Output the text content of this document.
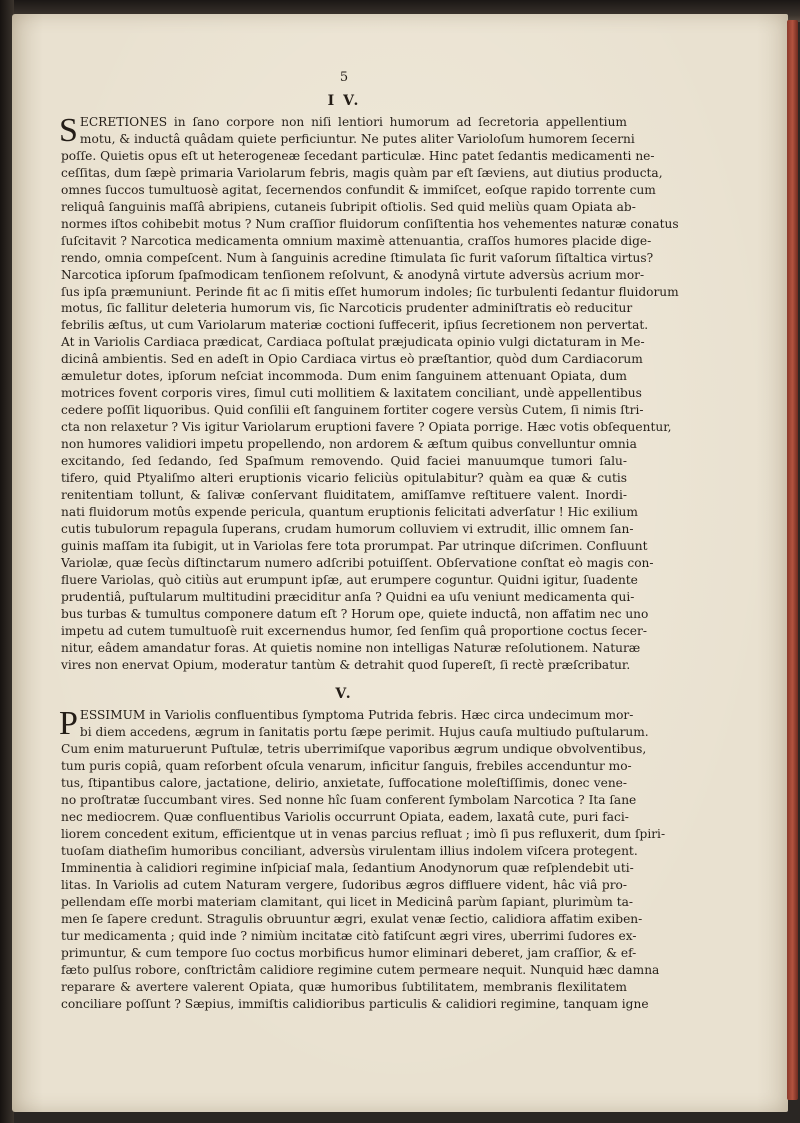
5
I V.
S ECRETIONES in ſano corpore non niſi lentiori humorum ad ſecretoria appellentium
motu, & inductâ quâdam quiete perficiuntur. Ne putes aliter Varioloſum humorem ſecerni
poſſe. Quietis opus eſt ut heterogeneæ ſecedant particulæ. Hinc patet ſedantis medicamenti ne-
ceſſitas, dum ſæpè primaria Variolarum febris, magis quàm par eſt ſæviens, aut diutius producta,
omnes ſuccos tumultuosè agitat, ſecernendos confundit & immiſcet, eoſque rapido torrente cum
reliquâ ſanguinis maſſâ abripiens, cutaneis ſubripit oſtiolis. Sed quid meliùs quam Opiata ab-
normes iſtos cohibebit motus ? Num craſſior fluidorum conſiſtentia hos vehementes naturæ conatus
ſuſcitavit ? Narcotica medicamenta omnium maximè attenuantia, craſſos humores placide dige-
rendo, omnia compeſcent. Num à ſanguinis acredine ſtimulata ſic furit vaſorum ſiſtaltica virtus?
Narcotica ipſorum ſpaſmodicam tenſionem reſolvunt, & anodynâ virtute adversùs acrium mor-
ſus ipſa præmuniunt. Perinde fit ac ſi mitis eſſet humorum indoles; ſic turbulenti ſedantur fluidorum
motus, ſic fallitur deleteria humorum vis, ſic Narcoticis prudenter adminiſtratis eò reducitur
febrilis æſtus, ut cum Variolarum materiæ coctioni ſuffecerit, ipſius ſecretionem non pervertat.
At in Variolis Cardiaca prædicat, Cardiaca poſtulat præjudicata opinio vulgi dictaturam in Me-
dicinâ ambientis. Sed en adeſt in Opio Cardiaca virtus eò præſtantior, quòd dum Cardiacorum
æmuletur dotes, ipſorum neſciat incommoda. Dum enim ſanguinem attenuant Opiata, dum
motrices fovent corporis vires, ſimul cuti mollitiem & laxitatem conciliant, undè appellentibus
cedere poſſit liquoribus. Quid conſilii eſt ſanguinem fortiter cogere versùs Cutem, ſi nimis ſtri-
cta non relaxetur ? Vis igitur Variolarum eruptioni favere ? Opiata porrige. Hæc votis obſequentur,
non humores validiori impetu propellendo, non ardorem & æſtum quibus convelluntur omnia
excitando, ſed ſedando, ſed Spaſmum removendo. Quid faciei manuumque tumori ſalu-
tifero, quid Ptyaliſmo alteri eruptionis vicario feliciùs opitulabitur? quàm ea quæ & cutis
renitentiam tollunt, & ſalivæ conſervant fluiditatem, amiſſamve reſtituere valent. Inordi-
nati fluidorum motûs expende pericula, quantum eruptionis felicitati adverſatur ! Hic exilium
cutis tubulorum repagula ſuperans, crudam humorum colluviem vi extrudit, illic omnem ſan-
guinis maſſam ita ſubigit, ut in Variolas fere tota prorumpat. Par utrinque diſcrimen. Confluunt
Variolæ, quæ ſecùs diſtinctarum numero adſcribi potuiſſent. Obſervatione conſtat eò magis con-
fluere Variolas, quò citiùs aut erumpunt ipſæ, aut erumpere coguntur. Quidni igitur, ſuadente
prudentiâ, puſtularum multitudini præciditur anſa ? Quidni ea uſu veniunt medicamenta qui-
bus turbas & tumultus componere datum eſt ? Horum ope, quiete inductâ, non affatim nec uno
impetu ad cutem tumultuoſè ruit excernendus humor, ſed ſenſim quâ proportione coctus ſecer-
nitur, eâdem amandatur foras. At quietis nomine non intelligas Naturæ reſolutionem. Naturæ
vires non enervat Opium, moderatur tantùm & detrahit quod ſupereſt, ſi rectè præſcribatur.
V.
P ESSIMUM in Variolis confluentibus ſymptoma Putrida febris. Hæc circa undecimum mor-
bi diem accedens, ægrum in ſanitatis portu ſæpe perimit. Hujus cauſa multiudo puſtularum.
Cum enim maturuerunt Puſtulæ, tetris uberrimiſque vaporibus ægrum undique obvolventibus,
tum puris copiâ, quam reſorbent oſcula venarum, inficitur ſanguis, frebiles accenduntur mo-
tus, ſtipantibus calore, jactatione, delirio, anxietate, ſuffocatione moleſtiſſimis, donec vene-
no proſtratæ ſuccumbant vires. Sed nonne hîc ſuam conferent ſymbolam Narcotica ? Ita ſane
nec mediocrem. Quæ confluentibus Variolis occurrunt Opiata, eadem, laxatâ cute, puri faci-
liorem concedent exitum, efficientque ut in venas parcius refluat ; imò ſi pus refluxerit, dum ſpiri-
tuoſam diatheſim humoribus conciliant, adversùs virulentam illius indolem viſcera protegent.
Imminentia à calidiori regimine inſpiciaſ mala, ſedantium Anodynorum quæ reſplendebit uti-
litas. In Variolis ad cutem Naturam vergere, ſudoribus ægros diffluere vident, hâc viâ pro-
pellendam eſſe morbi materiam clamitant, qui licet in Medicinâ parùm ſapiant, plurimùm ta-
men ſe ſapere credunt. Stragulis obruuntur ægri, exulat venæ ſectio, calidiora affatim exiben-
tur medicamenta ; quid inde ? nimiùm incitatæ citò fatiſcunt ægri vires, uberrimi ſudores ex-
primuntur, & cum tempore ſuo coctus morbificus humor eliminari deberet, jam craſſior, & ef-
fæto pulſus robore, conſtrictâm calidiore regimine cutem permeare nequit. Nunquid hæc damna
reparare & avertere valerent Opiata, quæ humoribus ſubtilitatem, membranis flexilitatem
conciliare poſſunt ? Sæpius, immiſtis calidioribus particulis & calidiori regimine, tanquam igne
